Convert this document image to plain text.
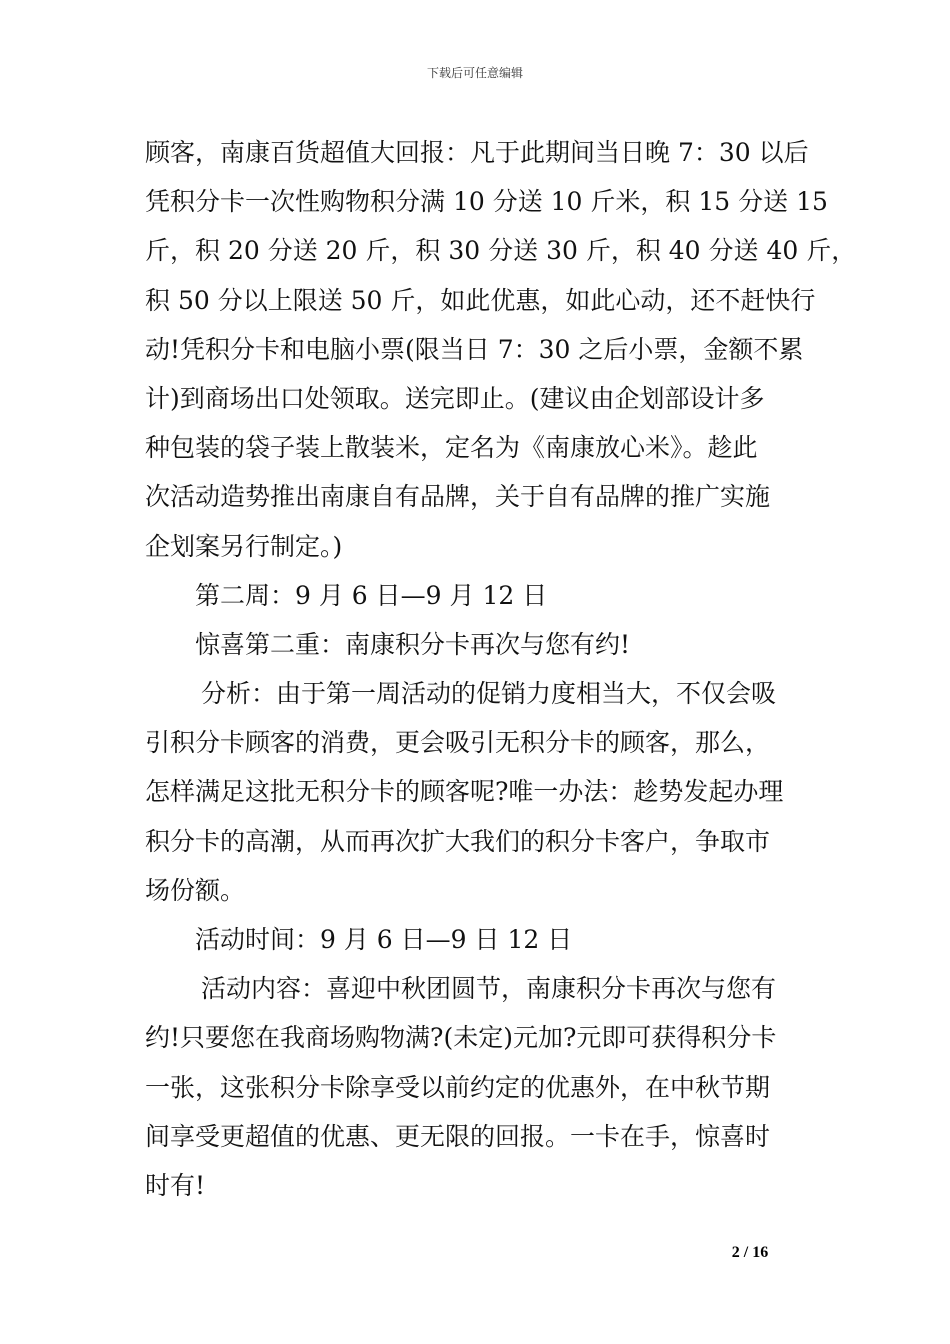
下载后可任意编辑
顾客，南康百货超值大回报：凡于此期间当日晚 7：30 以后
凭积分卡一次性购物积分满 10 分送 10 斤米，积 15 分送 15
斤，积 20 分送 20 斤，积 30 分送 30 斤，积 40 分送 40 斤，
积 50 分以上限送 50 斤，如此优惠，如此心动，还不赶快行
动!凭积分卡和电脑小票(限当日 7：30 之后小票，金额不累
计)到商场出口处领取。送完即止。(建议由企划部设计多
种包装的袋子装上散装米，定名为《南康放心米》。趁此
次活动造势推出南康自有品牌，关于自有品牌的推广实施
企划案另行制定。)
第二周：9 月 6 日—9 月 12 日
惊喜第二重：南康积分卡再次与您有约!
分析：由于第一周活动的促销力度相当大，不仅会吸
引积分卡顾客的消费，更会吸引无积分卡的顾客，那么，
怎样满足这批无积分卡的顾客呢?唯一办法：趁势发起办理
积分卡的高潮，从而再次扩大我们的积分卡客户，争取市
场份额。
活动时间：9 月 6 日—9 日 12 日
活动内容：喜迎中秋团圆节，南康积分卡再次与您有
约!只要您在我商场购物满?(未定)元加?元即可获得积分卡
一张，这张积分卡除享受以前约定的优惠外，在中秋节期
间享受更超值的优惠、更无限的回报。一卡在手，惊喜时
时有!
2 / 16
